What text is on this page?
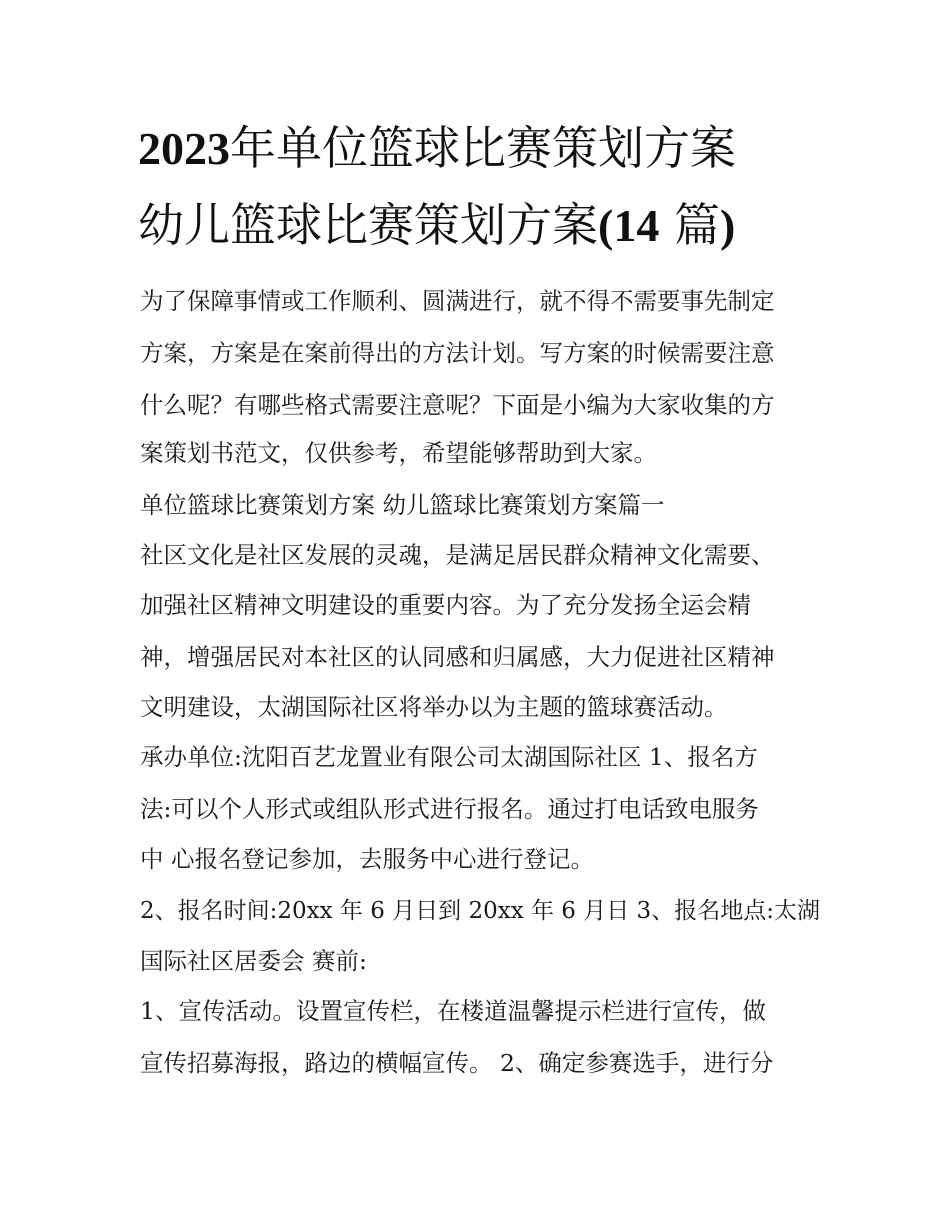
2023年单位篮球比赛策划方案
幼儿篮球比赛策划方案(14 篇)

为了保障事情或工作顺利、圆满进行，就不得不需要事先制定

方案，方案是在案前得出的方法计划。写方案的时候需要注意

什么呢？有哪些格式需要注意呢？下面是小编为大家收集的方

案策划书范文，仅供参考，希望能够帮助到大家。

单位篮球比赛策划方案 幼儿篮球比赛策划方案篇一

社区文化是社区发展的灵魂，是满足居民群众精神文化需要、

加强社区精神文明建设的重要内容。为了充分发扬全运会精

神，增强居民对本社区的认同感和归属感，大力促进社区精神

文明建设，太湖国际社区将举办以为主题的篮球赛活动。

承办单位:沈阳百艺龙置业有限公司太湖国际社区 1、报名方

法:可以个人形式或组队形式进行报名。通过打电话致电服务

中 心报名登记参加，去服务中心进行登记。

2、报名时间:20xx 年 6 月日到 20xx 年 6 月日 3、报名地点:太湖

国际社区居委会 赛前:

1、宣传活动。设置宣传栏，在楼道温馨提示栏进行宣传，做

宣传招募海报，路边的横幅宣传。 2、确定参赛选手，进行分
